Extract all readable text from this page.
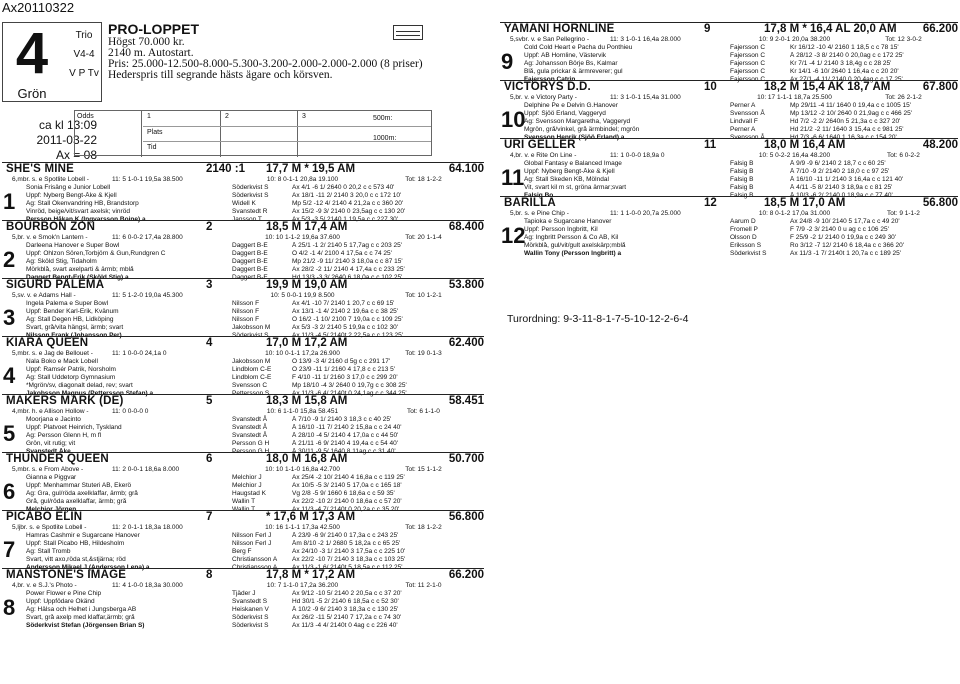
Ax20110322
4
Grön
Trio
V4-4
V P Tv
PRO-LOPPET
Högst 70.000 kr.
2140 m. Autostart.
Pris: 25.000-12.500-8.000-5.300-3.200-2.000-2.000-2.000 (8 priser)
Hederspris till segrande hästs ägare och körsven.
ca kl 13:09
2011-03-22
Ax = 08
Odds	1	2	3
Plats
Tid
500m:
1000m:
SHE'S MINE	2140 :1	17,7 M * 19,5 AM	64.100
6,mbr. s. e Spotlite Lobell -	11: 5 1-0-1 19,5a 38.500	10: 8 0-1-1 20,8a 19.100	Tot: 18 1-2-2
1
Sonia Frisäng e Junior Lobell	Söderkvist S	Ax 4/1 -6 1/ 2640 0 20,2 c c 573 40'
Uppf: Nyberg Bengt-Åke & Kjell	Söderkvist S	Ax 18/1 -11 2/ 2140 3 20,0 c c 172 10'
Äg: Stall Okenvandring HB, Brandstorp	Widell K	Mp 5/2 -12 4/ 2140 4 21,2a c c 360 20'
Vinröd, beige/vit/svart axelsk; vinröd	Svanstedt R	Ax 15/2 -9 3/ 2140 0 23,5ag c c 130 20'
Persson Håkan K (Ingvarsson Boine) a	Jansson T	Ax 5/3 -3 5/ 2140 1 19,5a c c 227 30'
BOURBON ZON	2	18,5 M 17,4 AM	68.400
5,br. v. e Smok'n Lantern -	11: 6 0-0-2 17,4a 28.800	10: 10 1-1-2 19,6a 37.600	Tot: 20 1-1-4
2
Darleena Hanover e Super Bowl	Daggert B-E	Å 25/1 -1 2/ 2140 5 17,7ag c c 203 25'
Uppf: Ohlzon Sören,Torbjörn & Gun,Rundgren C	Daggert B-E	Ö 4/2 -1 4/ 2100 4 17,5a c c 74 25'
Äg: Sköld Stig, Tidaholm	Daggert B-E	Mp 21/2 -9 11/ 2140 3 18,0a c c 87 15'
Mörkblå, svart axelparti & ärmb; mblå	Daggert B-E	Ax 28/2 -2 11/ 2140 4 17,4a c c 233 25'
Daggert Bengt-Erik (Sköld Stig) a	Daggert B-E	Hd 13/3 -3 3/ 2640 6 18,0a c c 102 25'
SIGURD PALEMA	3	19,9 M 19,0 AM	53.800
5,sv. v. e Adams Hall -	11: 5 1-2-0 19,0a 45.300	10: 5 0-0-1 19,9 8.500	Tot: 10 1-2-1
3
Ingela Palema e Super Bowl	Nilsson F	Ax 4/1 -10 7/ 2140 1 20,7 c c 69 15'
Uppf: Bender Karl-Erik, Kvänum	Nilsson F	Ax 13/1 -1 4/ 2140 2 19,6a c c 38 25'
Äg: Stall Degen HB, Lidköping	Nilsson F	Ö 16/2 -1 10/ 2100 7 19,0a c c 109 25'
Svart, grå/vita hängsl, ärmb; svart	Jakobsson M	Ax 5/3 -3 2/ 2140 5 19,9a c c 102 30'
Nilsson Frank (Johansson Per)	Söderkvist S	Ax 11/3 -4 5/ 2140t 2 22,5a c c 123 25'
KIARA QUEEN	4	17,0 M 17,2 AM	62.400
5,mbr. s. e Jag de Bellouet -	11: 1 0-0-0 24,1a 0	10: 10 0-1-1 17,2a 26.900	Tot: 19 0-1-3
4
Nala Boko e Mack Lobell	Jakobsson M	Ö 13/9 -3 4/ 2160 d 5g c c 291 17'
Uppf: Ramsér Patrik, Norsholm	Lindblom C-E	Ö 23/9 -11 1/ 2160 4 17,8 c c 213 5'
Äg: Stall Uddetorp Gymnasium	Lindblom C-E	F 4/10 -11 1/ 2160 3 17,0 c c 299 20'
*Mgrön/sv, diagonalt delad, rev; svart	Svensson C	Mp 18/10 -4 3/ 2640 0 19,7g c c 308 25'
Jakobsson Magnus (Pettersson Stefan) a	Pettersson S	Ax 11/3 -6 4/ 2140t 0 24,1ag c c 344 25'
MAKERS MARK (DE)	5	18,3 M 15,8 AM	58.451
4,mbr. h. e Allison Hollow -	11: 0 0-0-0 0	10: 6 1-1-0 15,8a 58.451	Tot: 6 1-1-0
5
Moorjana e Jacinto	Svanstedt Å	Å 7/10 -9 1/ 2140 3 18,3 c c 40 25'
Uppf: Platvoet Heinrich, Tyskland	Svanstedt Å	Å 16/10 -11 7/ 2140 2 15,8a c c 24 40'
Äg: Persson Glenn H, m fl	Svanstedt Å	Å 28/10 -4 5/ 2140 4 17,0a c c 44 50'
Grön, vit rutig; vit	Persson G H	Å 21/11 -6 9/ 2140 4 19,4a c c 54 40'
Svanstedt Åke	Persson G H	Å 30/11 -9 5/ 1640 8 11ag c c 31 40'
THUNDER QUEEN	6	18,0 M 16,8 AM	50.700
5,mbr. s. e From Above -	11: 2 0-0-1 18,6a 8.000	10: 10 1-1-0 16,8a 42.700	Tot: 15 1-1-2
6
Gianna e Piggvar	Melchior J	Ax 25/4 -2 10/ 2140 4 16,8a c c 119 25'
Uppf: Menhammar Stuteri AB, Ekerö	Melchior J	Ax 10/5 -5 3/ 2140 5 17,0a c c 165 18'
Äg: Gra, gul/röda axelklaffar, ärmb; grå	Haugstad K	Vg 2/8 -5 9/ 1660 6 18,6a c c 59 35'
Grå, gul/röda axelklaffar, ärmb; grå	Wallin T	Ax 22/2 -10 2/ 2140 0 18,6a c c 57 20'
Melchior Jörgen	Wallin T	Ax 11/3 -4 7/ 2140t 0 20,2a c c 35 20'
PICABO ELIN	7	* 17,6 M 17,3 AM	56.800
5,ljbr. s. e Spotlite Lobell -	11: 2 0-1-1 18,3a 18.000	10: 16 1-1-1 17,3a 42.500	Tot: 18 1-2-2
7
Hamras Cashmir e Sugarcane Hanover	Nilsson Ferl J	Å 23/9 -6 9/ 2140 0 17,3a c c 243 25'
Uppf: Stall Picabo HB, Hildesholm	Nilsson Ferl J	Åm 8/10 -2 1/ 2680 5 18,2a c c 65 25'
Äg: Stall Tromb	Berg F	Ax 24/10 -3 1/ 2140 3 17,5a c c 225 10'
Svart, vitt axo,röda st,&stjärna; röd	Christiansson A	Ax 22/2 -10 7/ 2140 3 18,3a c c 103 25'
Andersson Mikael J (Andersson Lena) a	Christiansson A	Ax 11/3 -1 6/ 2140t 5 18,5a c c 112 25'
MANSTONE'S IMAGE	8	17,8 M * 17,2 AM	66.200
4,br. v. e S.J.'s Photo -	11: 4 1-0-0 18,3a 30.000	10: 7 1-1-0 17,2a 36.200	Tot: 11 2-1-0
8
Power Flower e Pine Chip	Tjäder J	Ax 9/12 -10 5/ 2140 2 20,5a c c 37 20'
Uppf: Uppfödare Okänd	Svanstedt S	Hd 30/1 -5 2/ 2140 6 18,5a c c 52 30'
Äg: Hälsa och Helhet i Jungsberga AB	Heiskanen V	Å 10/2 -9 6/ 2140 3 18,3a c c 130 25'
Svart, grå axelp med klaffar,ärmb; grå	Söderkvist S	Ax 26/2 -11 5/ 2140 7 17,2a c c 74 30'
Söderkvist Stefan (Jörgensen Brian S)	Söderkvist S	Ax 11/3 -4 4/ 2140t 0 4ag c c 226 40'
YAMANI HORNLINE	9	17,8 M * 16,4 AL 20,0 AM	66.200
5,svbr. v. e San Pellegrino -	11: 3 1-0-1 16,4a 28.000	10: 9 2-0-1 20,0a 38.200	Tot: 12 3-0-2
9
Cold Cold Heart e Pacha du Ponthieu	Fajersson C	Kr 16/12 -10 4/ 2160 1 18,5 c c 78 15'
Uppf: AB Hornline, Västervik	Fajersson C	Å 28/12 -3 8/ 2140 0 20,0ag c c 172 25'
Äg: Johansson Börje Bs, Kalmar	Fajersson C	Kr 7/1 -4 1/ 2140 3 18,4g c c 28 25'
Blå, gula prickar & ärmreverer; gul	Fajersson C	Kr 14/1 -6 10/ 2640 1 16,4a c c 20 20'
Fajersson Catrin	Fajersson C	Ax 27/1 -4 11/ 2140 0 20,4ag c c 17 25'
VICTORYS D.D.	10	18,2 M 15,4 AK 18,7 AM	67.800
5,br. v. e Victory Party -	11: 3 1-0-1 15,4a 31.000	10: 17 1-1-1 18,7a 25.500	Tot: 26 2-1-2
10
Delphine Pe e Delvin G.Hanover	Perner A	Mp 29/11 -4 11/ 1640 0 19,4a c c 1005 15'
Uppf: Sjöö Erland, Vaggeryd	Svensson Å	Mp 13/12 -2 10/ 2640 0 21,9ag c c 466 25'
Äg: Svensson Margaretha, Vaggeryd	Lindvall F	Hd 7/2 -2 2/ 2640n 5 21,3a c c 327 20'
Mgrön, grå/vinkel, grå ärmbindel; mgrön	Perner A	Hd 21/2 -2 11/ 1640 3 15,4a c c 981 25'
Svensson Henrik (Sjöö Erland) a	Svensson Å	Hd 7/3 -6 6/ 1640 1 16,3a c c 154 20'
URI GELLER	11	18,0 M 16,4 AM	48.200
4,br. v. e Rite On Line -	11: 1 0-0-0 18,9a 0	10: 5 0-2-2 16,4a 48.200	Tot: 6 0-2-2
11
Global Fantasy e Balanced Image	Falsig B	Å 9/9 -9 6/ 2140 2 18,7 c c 60 25'
Uppf: Nyberg Bengt-Åke & Kjell	Falsig B	Å 7/10 -9 2/ 2140 2 18,0 c c 97 25'
Äg: Stall Skeden KB, Mölndal	Falsig B	Å 16/10 -11 1/ 2140 3 16,4a c c 121 40'
Vit, svart kil m st, gröna ärmar;svart	Falsig B	Å 4/11 -5 8/ 2140 3 18,9a c c 81 25'
Falsig Bo	Falsig B	Å 10/3 -6 2/ 2140 0 18,9a c c 77 40'
BARILLA	12	18,5 M 17,0 AM	56.800
5,br. s. e Pine Chip -	11: 1 1-0-0 20,7a 25.000	10: 8 0-1-2 17,0a 31.000	Tot: 9 1-1-2
12
Tapioka e Sugarcane Hanover	Aarum D	Ax 24/8 -9 10/ 2140 5 17,7a c c 49 20'
Uppf: Persson Ingbritt, Kil	Fromell P	F 7/9 -2 3/ 2140 0 u ag c c 106 25'
Äg: Ingbritt Persson & Co AB, Kil	Olsson D	F 25/9 -2 1/ 2140 0 19,9a c c 249 30'
Mörkblå, gul/vit/gult axelskärp;mblå	Eriksson S	Ro 3/12 -7 12/ 2140 6 18,4a c c 366 20'
Wallin Tony (Persson Ingbritt) a	Söderkvist S	Ax 11/3 -1 7/ 2140t 1 20,7a c c 189 25'
Turordning: 9-3-11-8-1-7-5-10-12-2-6-4
